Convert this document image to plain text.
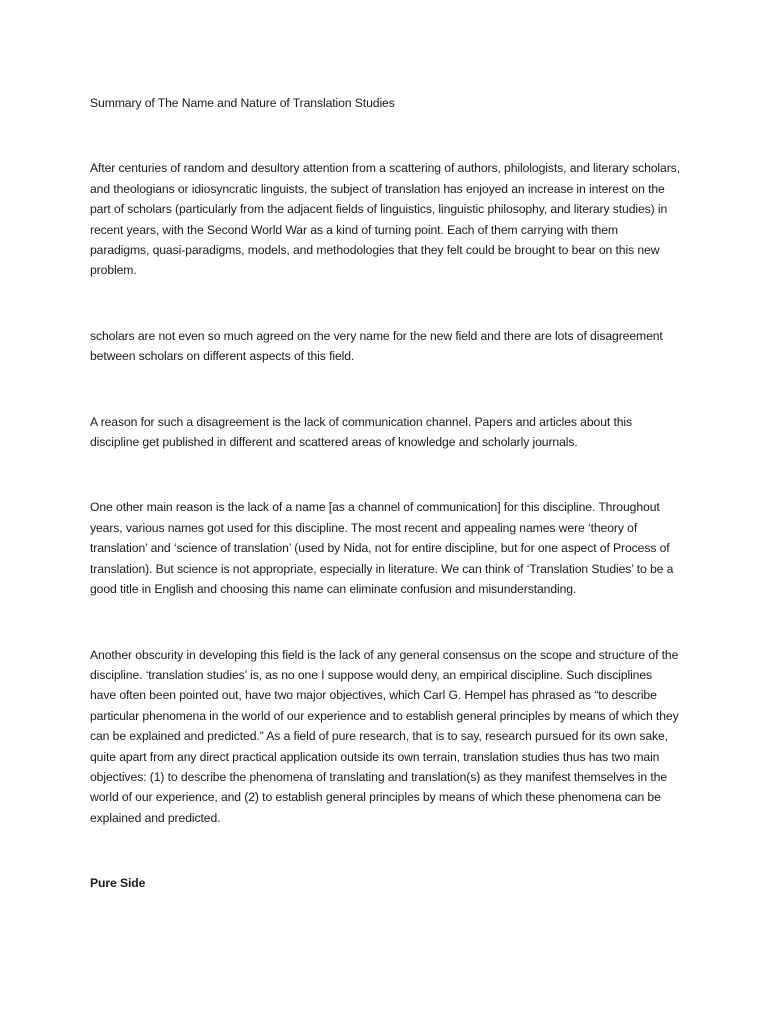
Summary of The Name and Nature of Translation Studies

After centuries of random and desultory attention from a scattering of authors, philologists, and literary scholars, and theologians or idiosyncratic linguists, the subject of translation has enjoyed an increase in interest on the part of scholars (particularly from the adjacent fields of linguistics, linguistic philosophy, and literary studies) in recent years, with the Second World War as a kind of turning point. Each of them carrying with them paradigms, quasi-paradigms, models, and methodologies that they felt could be brought to bear on this new problem.

scholars are not even so much agreed on the very name for the new field and there are lots of disagreement between scholars on different aspects of this field.

A reason for such a disagreement is the lack of communication channel. Papers and articles about this discipline get published in different and scattered areas of knowledge and scholarly journals.

One other main reason is the lack of a name [as a channel of communication] for this discipline. Throughout years, various names got used for this discipline. The most recent and appealing names were ‘theory of translation’ and ‘science of translation’ (used by Nida, not for entire discipline, but for one aspect of Process of translation). But science is not appropriate, especially in literature. We can think of ‘Translation Studies’ to be a good title in English and choosing this name can eliminate confusion and misunderstanding.

Another obscurity in developing this field is the lack of any general consensus on the scope and structure of the discipline. ‘translation studies’ is, as no one I suppose would deny, an empirical discipline. Such disciplines have often been pointed out, have two major objectives, which Carl G. Hempel has phrased as “to describe particular phenomena in the world of our experience and to establish general principles by means of which they can be explained and predicted.” As a field of pure research, that is to say, research pursued for its own sake, quite apart from any direct practical application outside its own terrain, translation studies thus has two main objectives: (1) to describe the phenomena of translating and translation(s) as they manifest themselves in the world of our experience, and (2) to establish general principles by means of which these phenomena can be explained and predicted.

Pure Side
